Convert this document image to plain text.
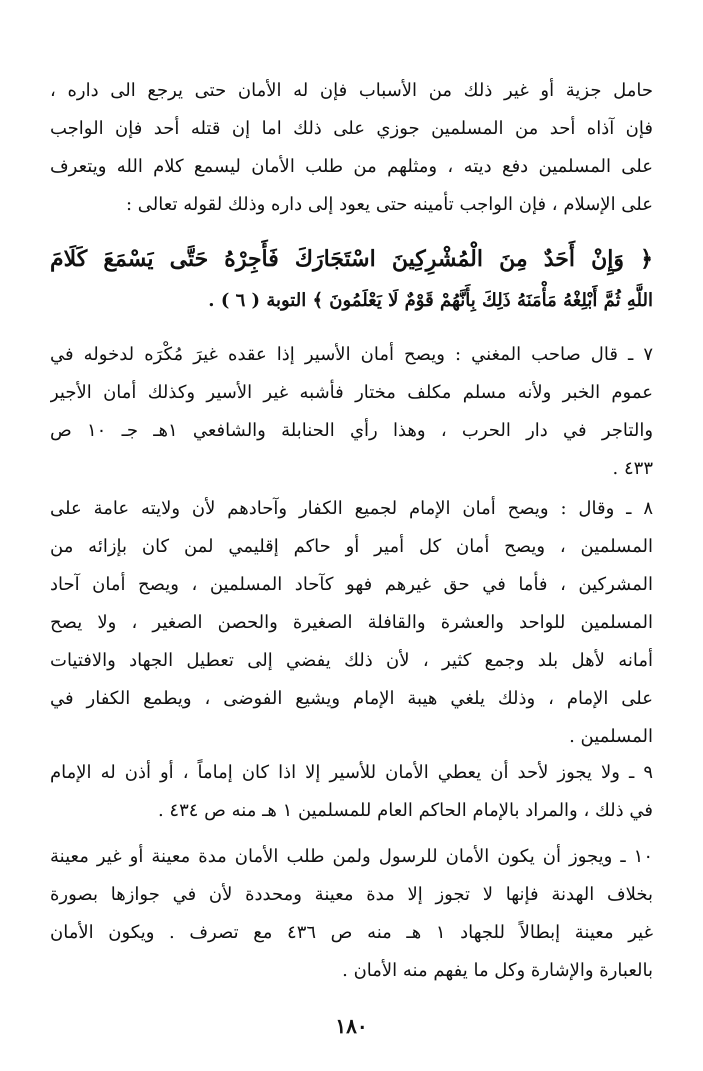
حامل جزية أو غير ذلك من الأسباب فإن له الأمان حتى يرجع الى داره ،
فإن آذاه أحد من المسلمين جوزي على ذلك اما إن قتله أحد فإن الواجب
على المسلمين دفع ديته ، ومثلهم من طلب الأمان ليسمع كلام الله ويتعرف
على الإسلام ، فإن الواجب تأمينه حتى يعود إلى داره وذلك لقوله تعالى :
﴿ وَإِنْ أَحَدٌ مِنَ الْمُشْرِكِينَ اسْتَجَارَكَ فَأَجِرْهُ حَتَّى يَسْمَعَ كَلَامَ
اللَّهِ ثُمَّ أَبْلِغْهُ مَأْمَنَهُ ذَلِكَ بِأَنَّهُمْ قَوْمٌ لَا يَعْلَمُونَ ﴾ التوبة ( ٦ ) .
٧ ـ قال صاحب المغني : ويصح أمان الأسير إذا عقده غيرَ مُكْرَه لدخوله في
عموم الخبر ولأنه مسلم مكلف مختار فأشبه غير الأسير وكذلك أمان الأجير
والتاجر في دار الحرب ، وهذا رأي الحنابلة والشافعي ١هـ جـ ١٠ ص
٤٣٣ .
٨ ـ وقال : ويصح أمان الإمام لجميع الكفار وآحادهم لأن ولايته عامة على
المسلمين ، ويصح أمان كل أمير أو حاكم إقليمي لمن كان بإزائه من
المشركين ، فأما في حق غيرهم فهو كآحاد المسلمين ، ويصح أمان آحاد
المسلمين للواحد والعشرة والقافلة الصغيرة والحصن الصغير ، ولا يصح
أمانه لأهل بلد وجمع كثير ، لأن ذلك يفضي إلى تعطيل الجهاد والافتيات
على الإمام ، وذلك يلغي هيبة الإمام ويشيع الفوضى ، ويطمع الكفار في
المسلمين .
٩ ـ ولا يجوز لأحد أن يعطي الأمان للأسير إلا اذا كان إماماً ، أو أذن له الإمام
في ذلك ، والمراد بالإمام الحاكم العام للمسلمين ١ هـ منه ص ٤٣٤ .
١٠ ـ ويجوز أن يكون الأمان للرسول ولمن طلب الأمان مدة معينة أو غير معينة
بخلاف الهدنة فإنها لا تجوز إلا مدة معينة ومحددة لأن في جوازها بصورة
غير معينة إبطالاً للجهاد ١ هـ منه ص ٤٣٦ مع تصرف . ويكون الأمان
بالعبارة والإشارة وكل ما يفهم منه الأمان .
١٨٠
